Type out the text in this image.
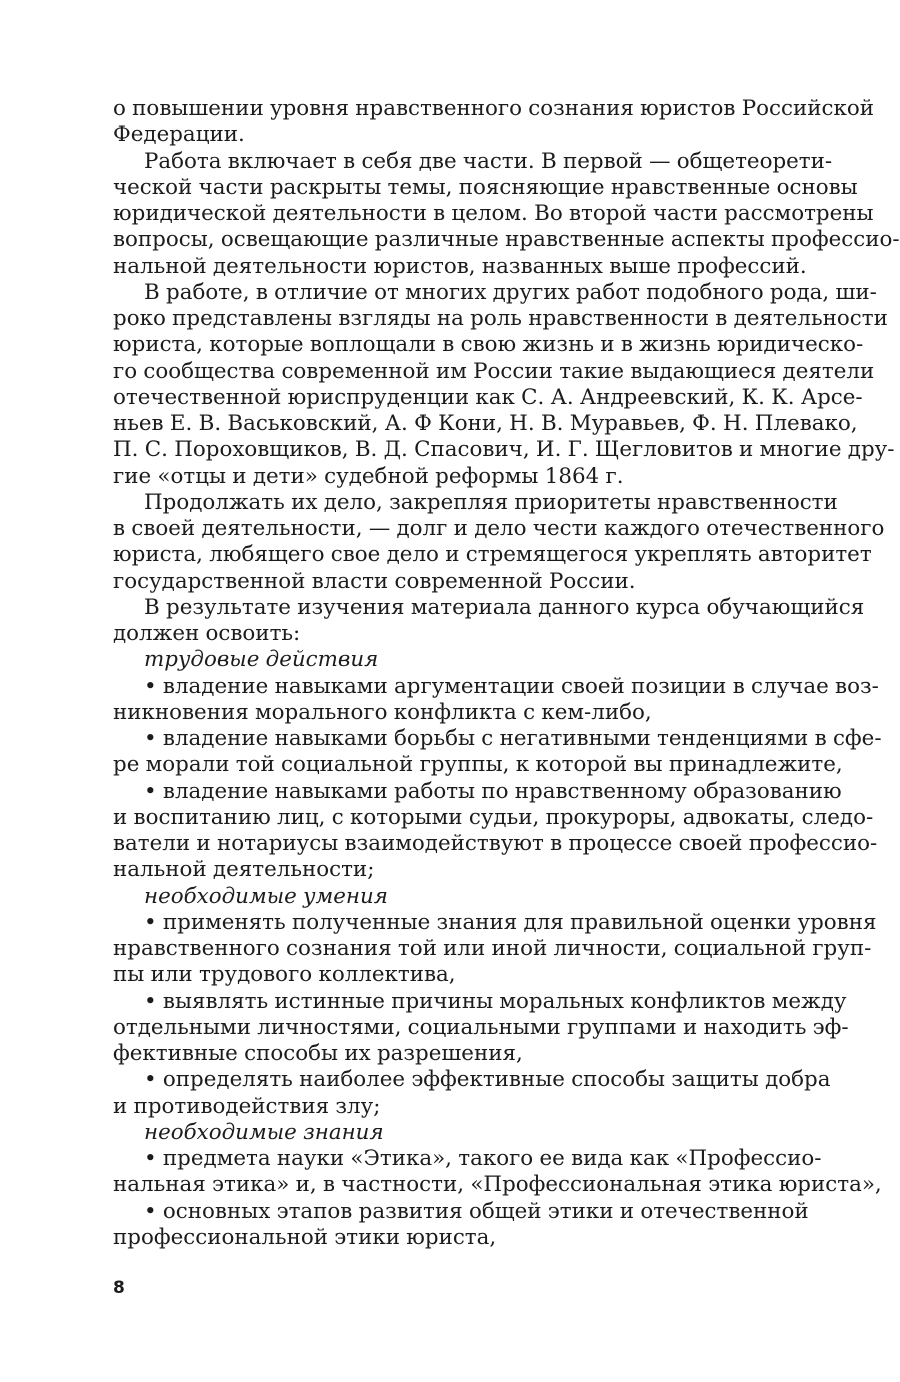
о повышении уровня нравственного сознания юристов Российской
Федерации.
Работа включает в себя две части. В первой — общетеорети-
ческой части раскрыты темы, поясняющие нравственные основы
юридической деятельности в целом. Во второй части рассмотрены
вопросы, освещающие различные нравственные аспекты профессио-
нальной деятельности юристов, названных выше профессий.
В работе, в отличие от многих других работ подобного рода, ши-
роко представлены взгляды на роль нравственности в деятельности
юриста, которые воплощали в свою жизнь и в жизнь юридическо-
го сообщества современной им России такие выдающиеся деятели
отечественной юриспруденции как С. А. Андреевский, К. К. Арсе-
ньев Е. В. Васьковский, А. Ф Кони, Н. В. Муравьев, Ф. Н. Плевако,
П. С. Пороховщиков, В. Д. Спасович, И. Г. Щегловитов и многие дру-
гие «отцы и дети» судебной реформы 1864 г.
Продолжать их дело, закрепляя приоритеты нравственности
в своей деятельности, — долг и дело чести каждого отечественного
юриста, любящего свое дело и стремящегося укреплять авторитет
государственной власти современной России.
В результате изучения материала данного курса обучающийся
должен освоить:
трудовые действия
• владение навыками аргументации своей позиции в случае воз-
никновения морального конфликта с кем-либо,
• владение навыками борьбы с негативными тенденциями в сфе-
ре морали той социальной группы, к которой вы принадлежите,
• владение навыками работы по нравственному образованию
и воспитанию лиц, с которыми судьи, прокуроры, адвокаты, следо-
ватели и нотариусы взаимодействуют в процессе своей профессио-
нальной деятельности;
необходимые умения
• применять полученные знания для правильной оценки уровня
нравственного сознания той или иной личности, социальной груп-
пы или трудового коллектива,
• выявлять истинные причины моральных конфликтов между
отдельными личностями, социальными группами и находить эф-
фективные способы их разрешения,
• определять наиболее эффективные способы защиты добра
и противодействия злу;
необходимые знания
• предмета науки «Этика», такого ее вида как «Профессио-
нальная этика» и, в частности, «Профессиональная этика юриста»,
• основных этапов развития общей этики и отечественной
профессиональной этики юриста,
8
